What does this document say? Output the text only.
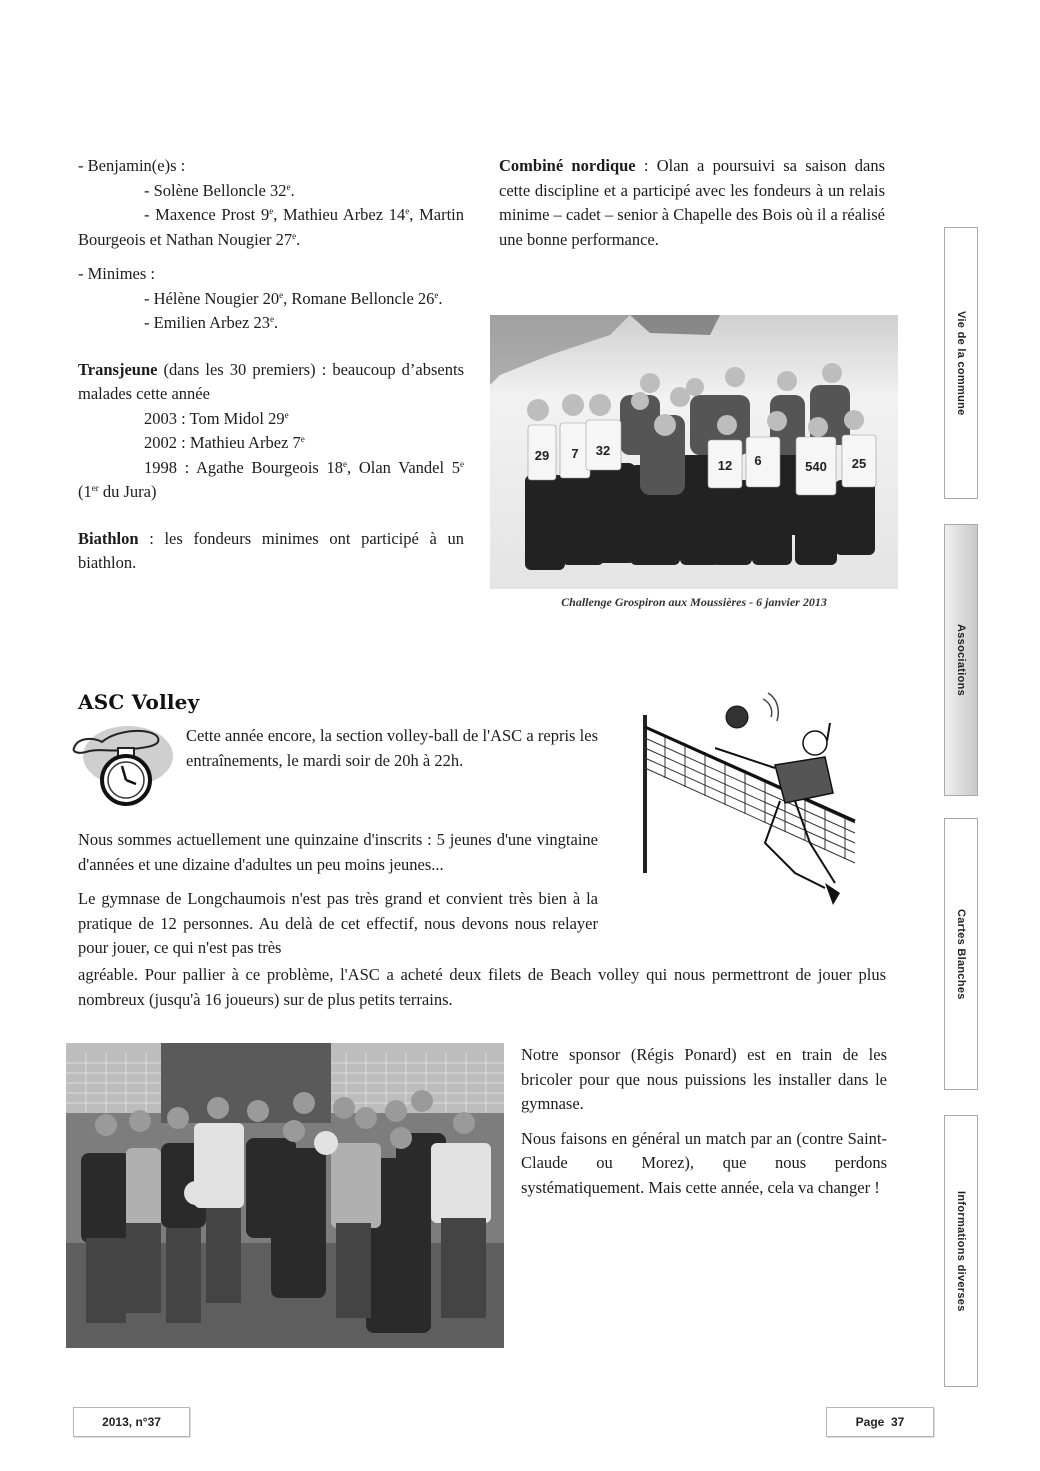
- Benjamin(e)s :

- Solène Belloncle 32e.

- Maxence Prost 9e, Mathieu Arbez 14e, Martin Bourgeois et Nathan Nougier 27e.

- Minimes :

- Hélène Nougier 20e, Romane Belloncle 26e.

- Emilien Arbez 23e.

Transjeune (dans les 30 premiers) : beaucoup d’absents malades cette année

2003 : Tom Midol 29e

2002 : Mathieu Arbez 7e

1998 : Agathe Bourgeois 18e, Olan Vandel 5e (1er du Jura)

Biathlon : les fondeurs minimes ont participé à un biathlon.

Combiné nordique : Olan a poursuivi sa saison dans cette discipline et a participé avec les fondeurs à un relais minime – cadet – senior à Chapelle des Bois où il a réalisé une bonne performance.

29 7 32
12 6	540 25
Challenge Grospiron aux Moussières - 6 janvier 2013
ASC Volley
Cette année encore, la section volley-ball de l'ASC a repris les entraînements, le mardi soir de 20h à 22h.

Nous sommes actuellement une quinzaine d'inscrits : 5 jeunes d'une vingtaine d'années et une dizaine d'adultes un peu moins jeunes...

Le gymnase de Longchaumois n'est pas très grand et convient très bien à la pratique de 12 personnes. Au delà de cet effectif, nous devons nous relayer pour jouer, ce qui n'est pas très

agréable. Pour pallier à ce problème, l'ASC a acheté deux filets de Beach volley qui nous permettront de jouer plus nombreux (jusqu'à 16 joueurs) sur de plus petits terrains.

Notre sponsor (Régis Ponard) est en train de les bricoler pour que nous puissions les installer dans le gymnase.

Nous faisons en général un match par an (contre Saint-Claude ou Morez), que nous perdons systématiquement. Mais cette année, cela va changer !

Vie de la commune
Associations
Cartes Blanches
Informations diverses
2013, n°37	Page  37
